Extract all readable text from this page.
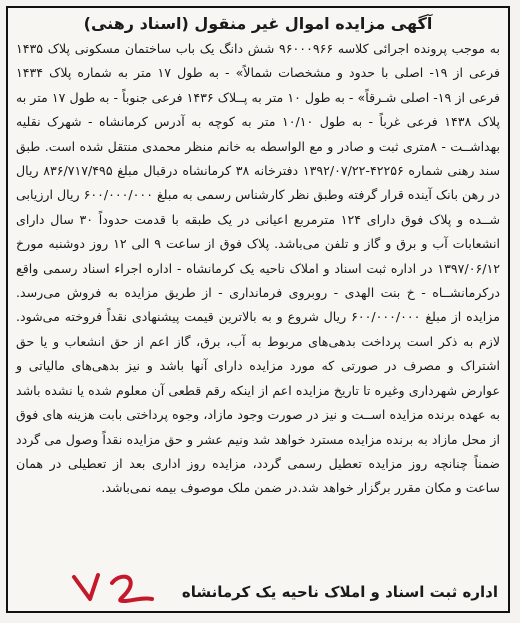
آگهی مزایده اموال غیر منقول (اسناد رهنی)
به موجب پرونده اجرائی کلاسه ۹۶۰۰۰۹۶۶ شش دانگ یک باب ساختمان مسکونی پلاک ۱۴۳۵ فرعی از ۱۹- اصلی با حدود و مشخصات شمالاً» - به طول ۱۷ متر به شماره پلاک ۱۴۳۴ فرعی از ۱۹- اصلی شـرقاً» - به طول ۱۰ متر به پــلاک ۱۴۳۶ فرعی جنوباً - به طول ۱۷ متر به پلاک ۱۴۳۸ فرعی غرباً - به طول ۱۰/۱۰ متر به کوچه به آدرس کرمانشاه - شهرک نقلیه بهداشــت - ۸متری ثبت و صادر و مع الواسطه به خانم منظر محمدی منتقل شده است. طبق سند رهنی شماره ۴۲۲۵۶-۱۳۹۲/۰۷/۲۲ دفترخانه ۳۸ کرمانشاه درقبال مبلغ ۸۳۶/۷۱۷/۴۹۵ ریال در رهن بانک آینده قرار گرفته وطبق نظر کارشناس رسمی به مبلغ ۶۰۰/۰۰۰/۰۰۰ ریال ارزیابی شــده و پلاک فوق دارای ۱۲۴ مترمربع اعیانی در یک طبقه با قدمت حدوداً ۳۰ سال دارای انشعابات آب و برق و گاز و تلفن می‌باشد. پلاک فوق از ساعت ۹ الی ۱۲ روز دوشنبه مورخ ۱۳۹۷/۰۶/۱۲ در اداره ثبت اسناد و املاک ناحیه یک کرمانشاه - اداره اجراء اسناد رسمی واقع درکرمانشــاه - خ بنت الهدی - روبروی فرمانداری - از طریق مزایده به فروش می‌رسد. مزایده از مبلغ ۶۰۰/۰۰۰/۰۰۰ ریال شروع و به بالاترین قیمت پیشنهادی نقداً فروخته می‌شود. لازم به ذکر است پرداخت بدهی‌های مربوط به آب، برق، گاز اعم از حق انشعاب و یا حق اشتراک و مصرف در صورتی که مورد مزایده دارای آنها باشد و نیز بدهی‌های مالیاتی و عوارض شهرداری وغیره تا تاریخ مزایده اعم از اینکه رقم قطعی آن معلوم شده یا نشده باشد به عهده برنده مزایده اســت و نیز در صورت وجود مازاد، وجوه پرداختی بابت هزینه های فوق از محل مازاد به برنده مزایده مسترد خواهد شد ونیم عشر و حق مزایده نقداً وصول می گردد ضمناً چنانچه روز مزایده تعطیل رسمی گردد، مزایده روز اداری بعد از تعطیلی در همان ساعت و مکان مقرر برگزار خواهد شد.در ضمن ملک موصوف بیمه نمی‌باشد.
اداره ثبت اسناد و املاک ناحیه یک کرمانشاه
